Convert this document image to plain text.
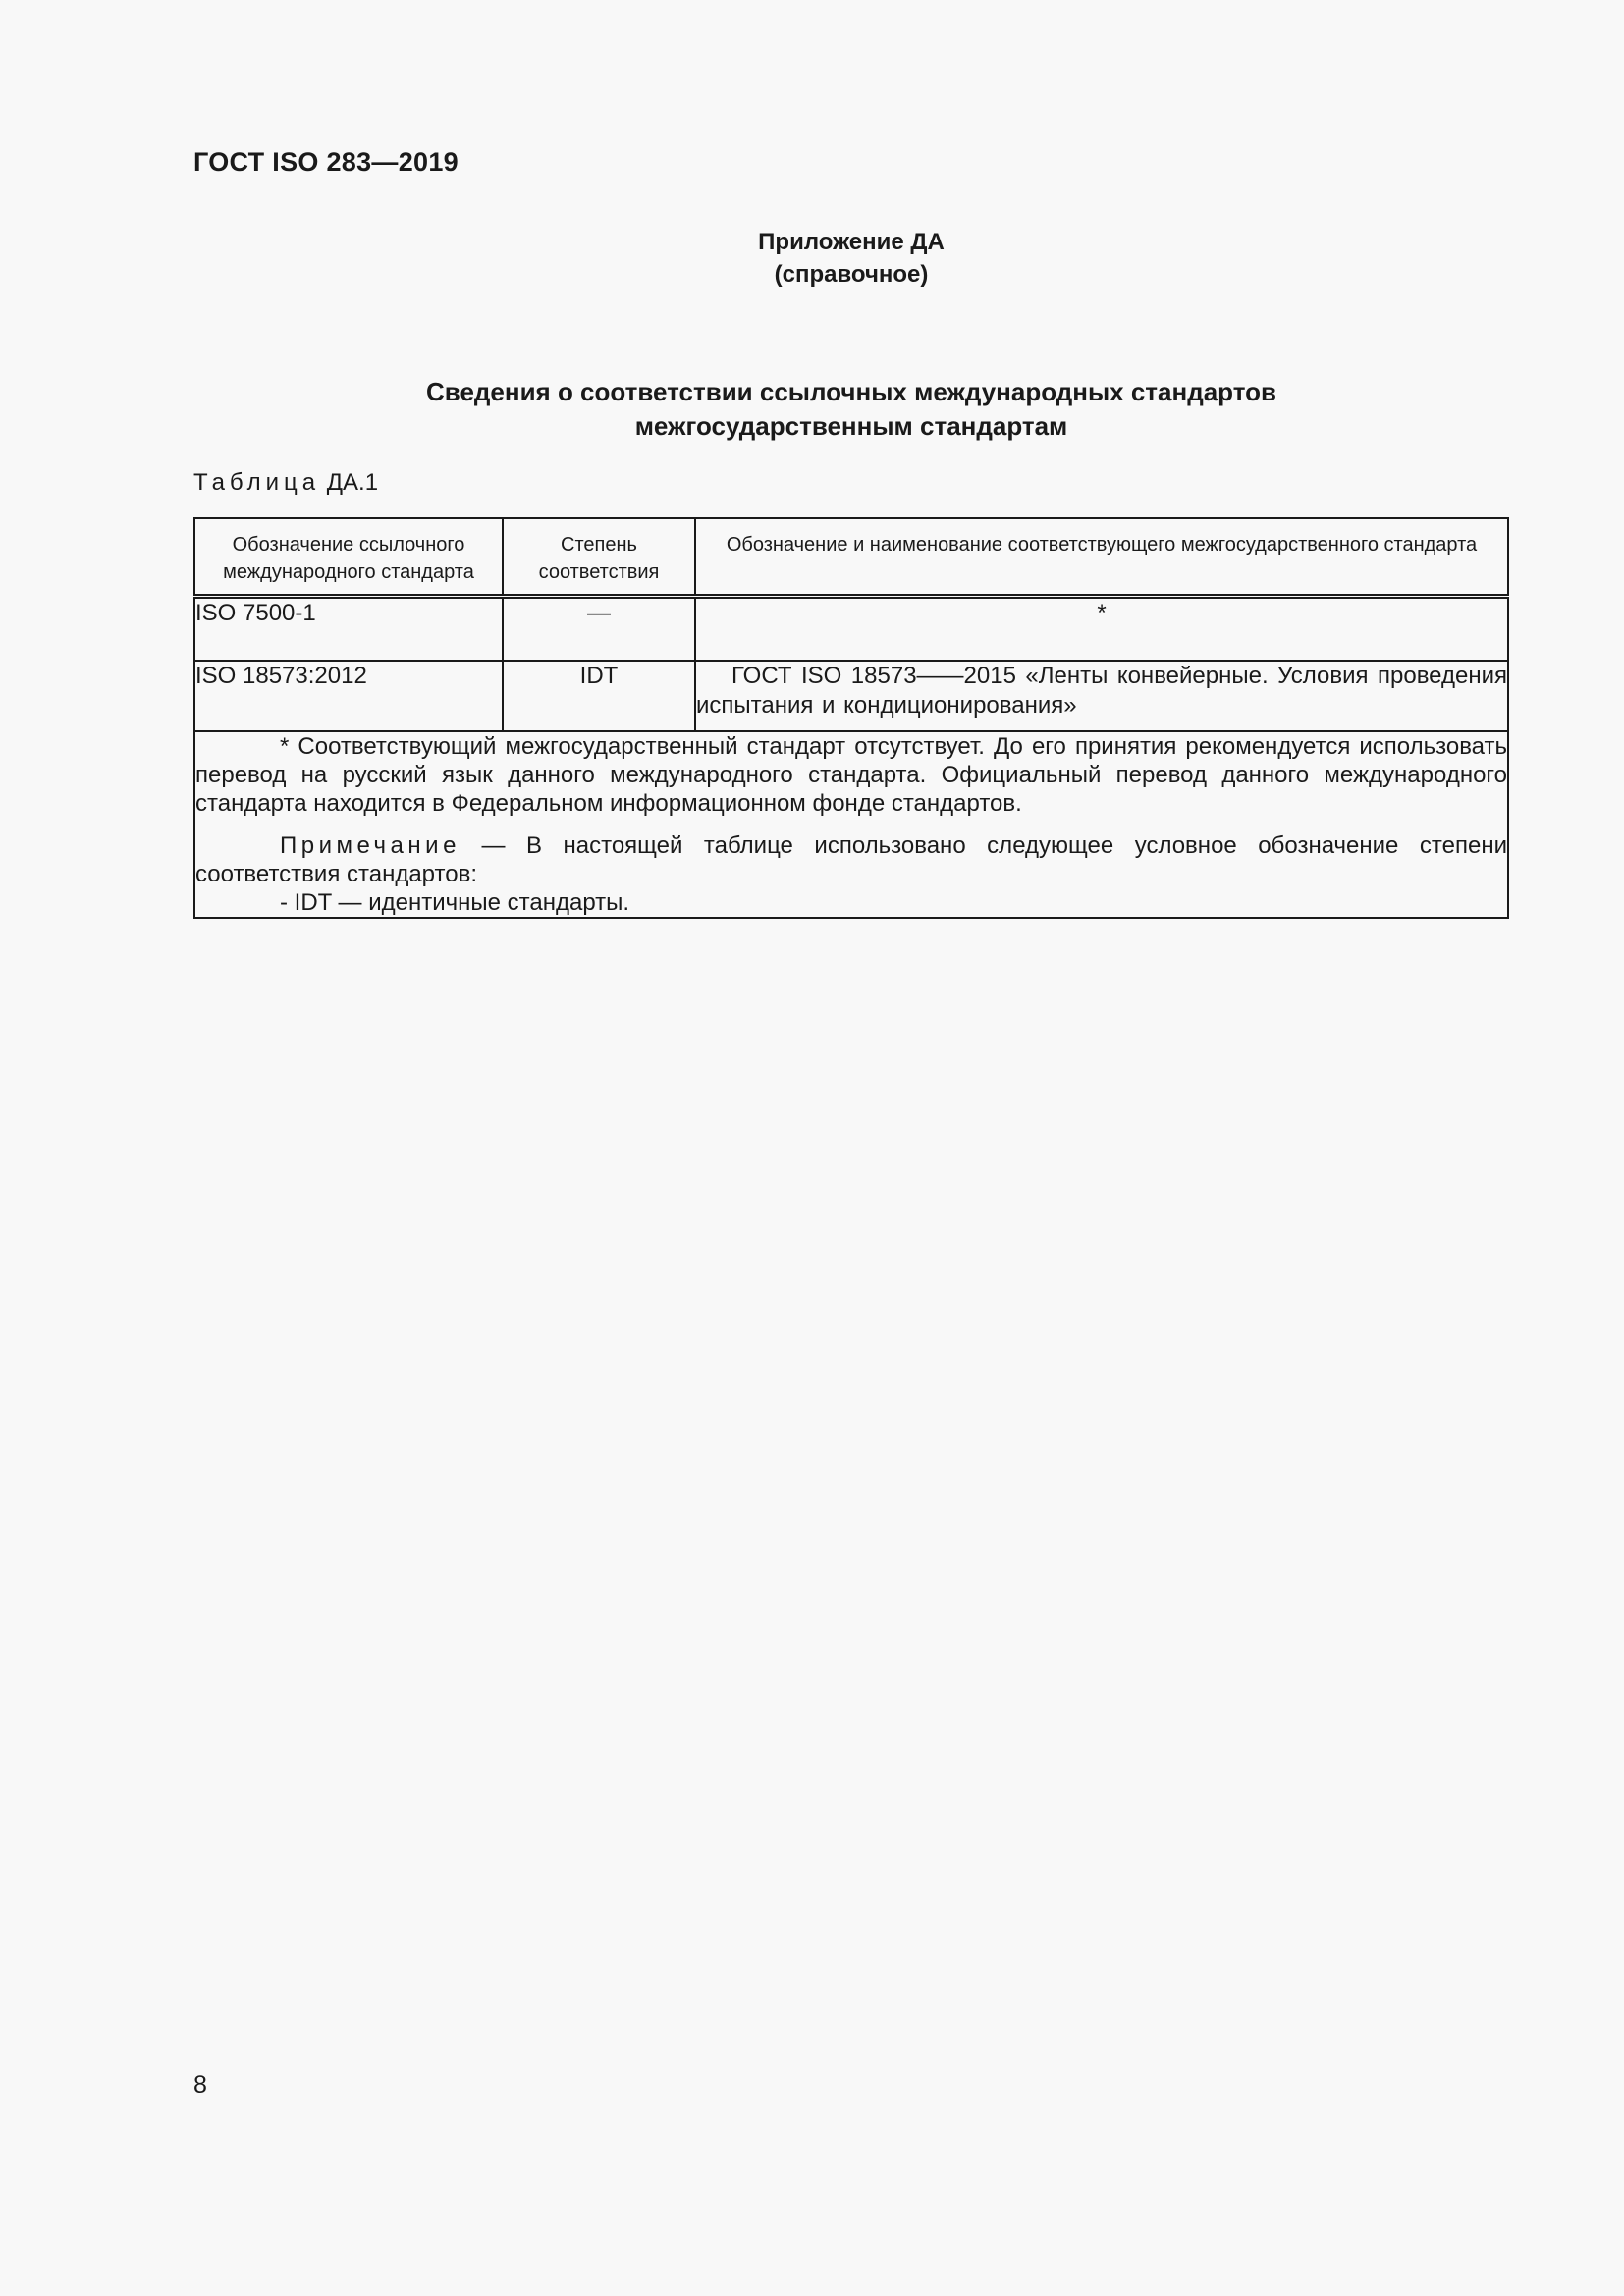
ГОСТ ISO 283—2019
Приложение ДА
(справочное)
Сведения о соответствии ссылочных международных стандартов
межгосударственным стандартам
Таблица ДА.1
Обозначение ссылочного международного стандарта	Степень соответствия	Обозначение и наименование соответствующего межгосударственного стандарта
ISO 7500-1	—	*
ISO 18573:2012	IDT	ГОСТ ISO 18573——2015 «Ленты конвейерные. Условия проведения испытания и кондиционирования»

* Соответствующий межгосударственный стандарт отсутствует. До его принятия рекомендуется использовать перевод на русский язык данного международного стандарта. Официальный перевод данного международного стандарта находится в Федеральном информационном фонде стандартов.

Примечание — В настоящей таблице использовано следующее условное обозначение степени соответствия стандартов:

- IDT — идентичные стандарты.		
8
